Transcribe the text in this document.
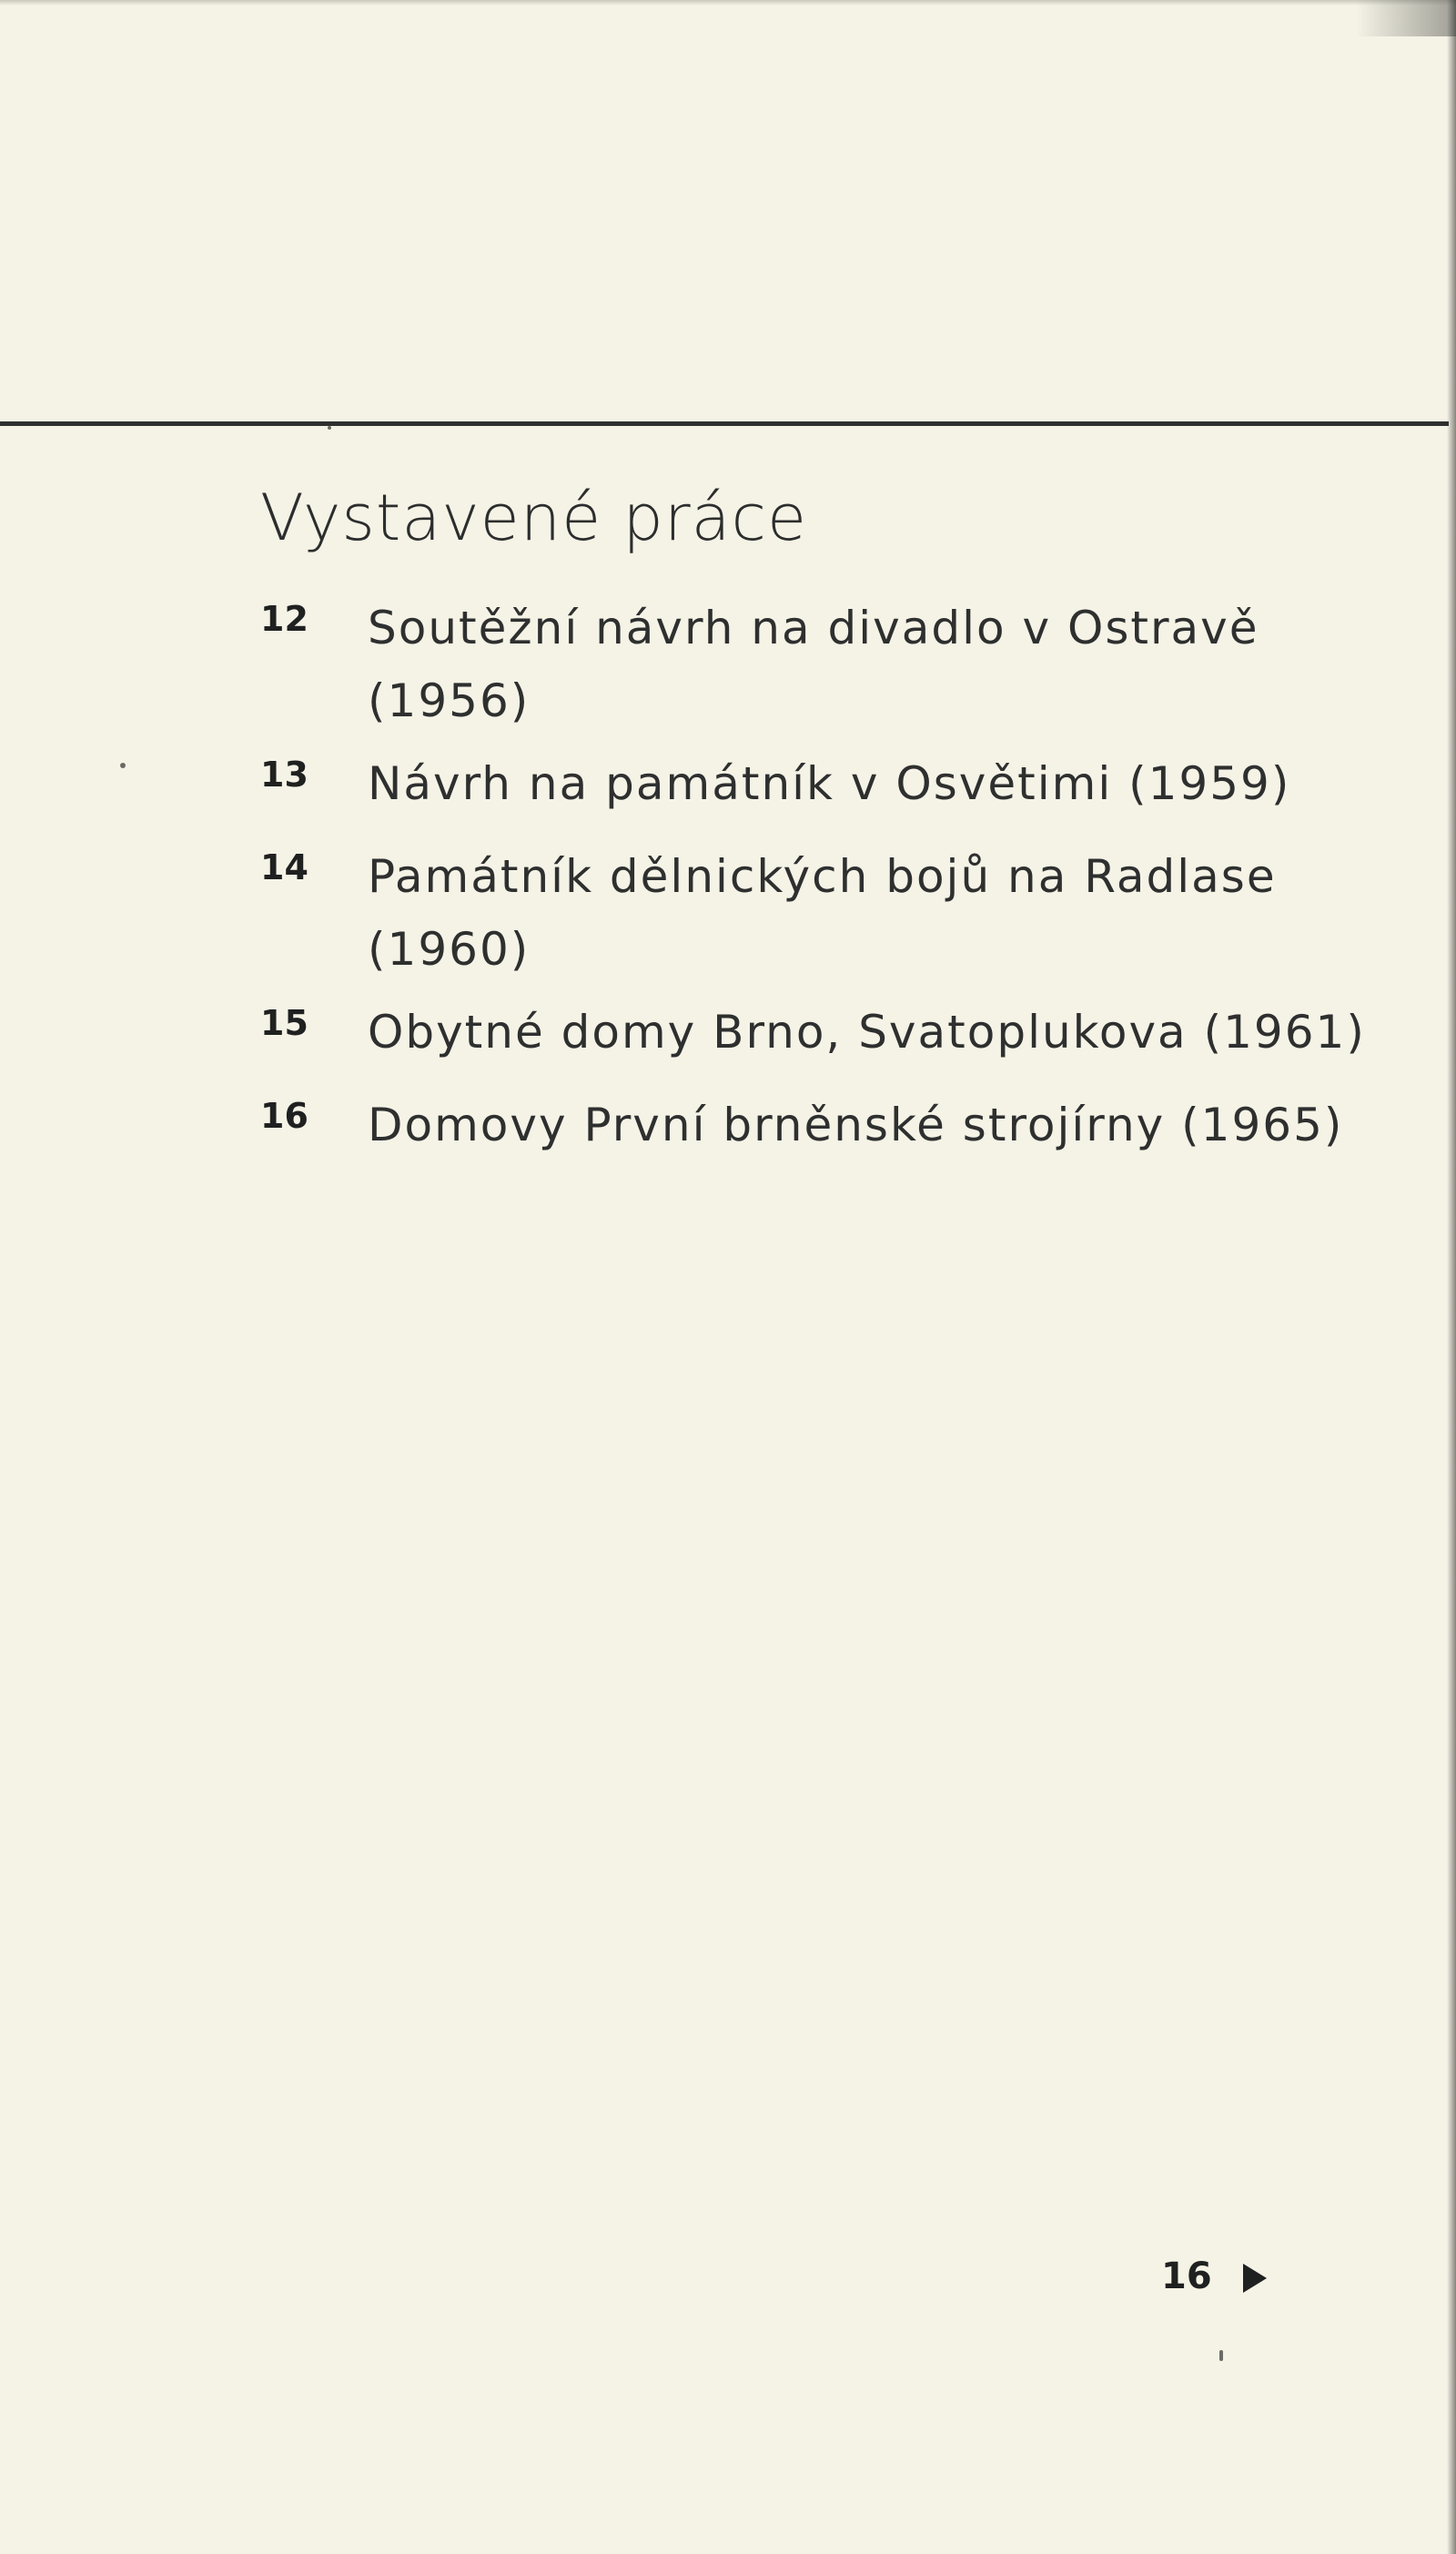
Vystavené práce
12	Soutěžní návrh na divadlo v Ostravě
(1956)
13	Návrh na památník v Osvětimi (1959)
14	Památník dělnických bojů na Radlase
(1960)
15	Obytné domy Brno, Svatoplukova (1961)
16	Domovy První brněnské strojírny (1965)
16
